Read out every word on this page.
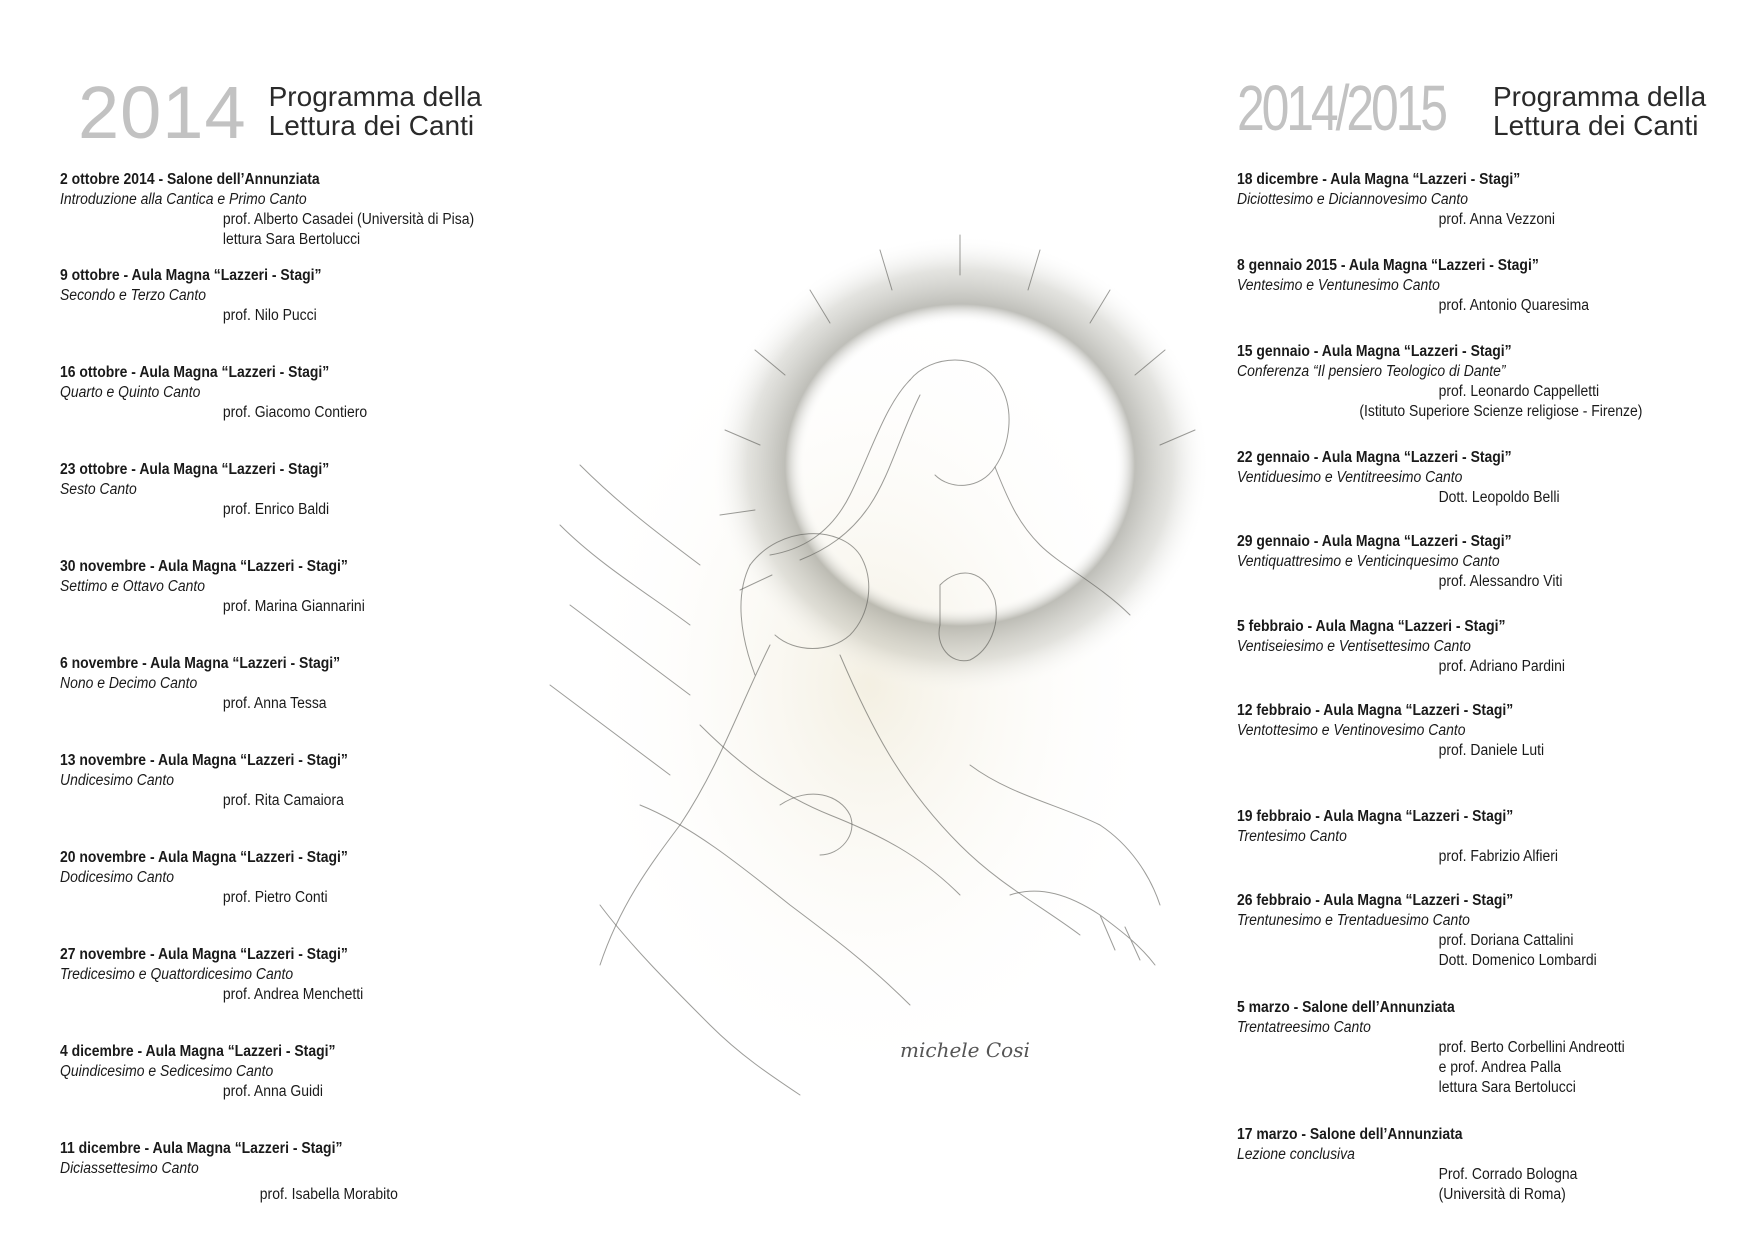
2014 Programma della
Lettura dei Canti	2014/2015 Programma della
Lettura dei Canti
2 ottobre 2014 - Salone dell’Annunziata
Introduzione alla Cantica e Primo Canto
prof. Alberto Casadei (Università di Pisa)
lettura Sara Bertolucci
9 ottobre - Aula Magna “Lazzeri - Stagi”
Secondo e Terzo Canto
prof. Nilo Pucci
16 ottobre - Aula Magna “Lazzeri - Stagi”
Quarto e Quinto Canto
prof. Giacomo Contiero
23 ottobre - Aula Magna “Lazzeri - Stagi”
Sesto Canto
prof. Enrico Baldi
30 novembre - Aula Magna “Lazzeri - Stagi”
Settimo e Ottavo Canto
prof. Marina Giannarini
6 novembre - Aula Magna “Lazzeri - Stagi”
Nono e Decimo Canto
prof. Anna Tessa
13 novembre - Aula Magna “Lazzeri - Stagi”
Undicesimo Canto
prof. Rita Camaiora
20 novembre - Aula Magna “Lazzeri - Stagi”
Dodicesimo Canto
prof. Pietro Conti
27 novembre - Aula Magna “Lazzeri - Stagi”
Tredicesimo e Quattordicesimo Canto
prof. Andrea Menchetti
4 dicembre - Aula Magna “Lazzeri - Stagi”
Quindicesimo e Sedicesimo Canto
prof. Anna Guidi
11 dicembre - Aula Magna “Lazzeri - Stagi”
Diciassettesimo Canto
prof. Isabella Morabito
michele Cosi
18 dicembre - Aula Magna “Lazzeri - Stagi”
Diciottesimo e Diciannovesimo Canto
prof. Anna Vezzoni
8 gennaio 2015 - Aula Magna “Lazzeri - Stagi”
Ventesimo e Ventunesimo Canto
prof. Antonio Quaresima
15 gennaio - Aula Magna “Lazzeri - Stagi”
Conferenza “Il pensiero Teologico di Dante”
prof. Leonardo Cappelletti
(Istituto Superiore Scienze religiose - Firenze)
22 gennaio - Aula Magna “Lazzeri - Stagi”
Ventiduesimo e Ventitreesimo Canto
Dott. Leopoldo Belli
29 gennaio - Aula Magna “Lazzeri - Stagi”
Ventiquattresimo e Venticinquesimo Canto
prof. Alessandro Viti
5 febbraio - Aula Magna “Lazzeri - Stagi”
Ventiseiesimo e Ventisettesimo Canto
prof. Adriano Pardini
12 febbraio - Aula Magna “Lazzeri - Stagi”
Ventottesimo e Ventinovesimo Canto
prof. Daniele Luti
19 febbraio - Aula Magna “Lazzeri - Stagi”
Trentesimo Canto
prof. Fabrizio Alfieri
26 febbraio - Aula Magna “Lazzeri - Stagi”
Trentunesimo e Trentaduesimo Canto
prof. Doriana Cattalini
Dott. Domenico Lombardi
5 marzo - Salone dell’Annunziata
Trentatreesimo Canto
prof. Berto Corbellini Andreotti
e prof. Andrea Palla
lettura Sara Bertolucci
17 marzo - Salone dell’Annunziata
Lezione conclusiva
Prof. Corrado Bologna
(Università di Roma)
